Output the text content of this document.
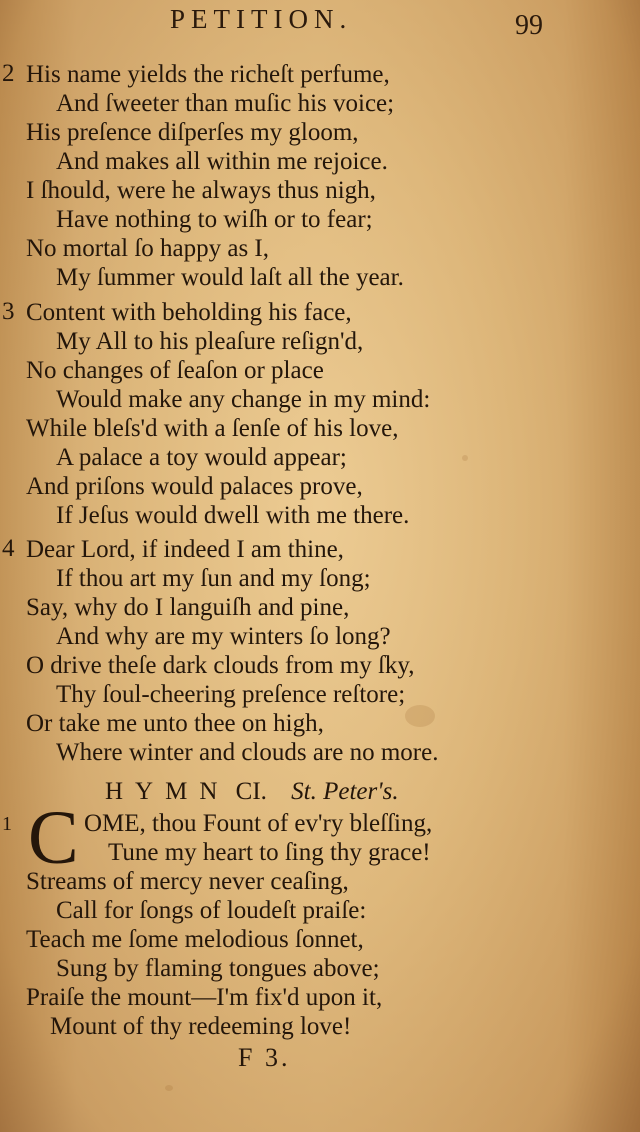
PETITION.	99
2 His name yields the richeſt perfume,
And ſweeter than muſic his voice;
His preſence diſperſes my gloom,
And makes all within me rejoice.
I ſhould, were he always thus nigh,
Have nothing to wiſh or to fear;
No mortal ſo happy as I,
My ſummer would laſt all the year.
3 Content with beholding his face,
My All to his pleaſure reſign'd,
No changes of ſeaſon or place
Would make any change in my mind:
While bleſs'd with a ſenſe of his love,
A palace a toy would appear;
And priſons would palaces prove,
If Jeſus would dwell with me there.
4 Dear Lord, if indeed I am thine,
If thou art my ſun and my ſong;
Say, why do I languiſh and pine,
And why are my winters ſo long?
O drive theſe dark clouds from my ſky,
Thy ſoul-cheering preſence reſtore;
Or take me unto thee on high,
Where winter and clouds are no more.
HYMN CI. St. Peter's.
1 C OME, thou Fount of ev'ry bleſſing,
Tune my heart to ſing thy grace!
Streams of mercy never ceaſing,
Call for ſongs of loudeſt praiſe:
Teach me ſome melodious ſonnet,
Sung by flaming tongues above;
Praiſe the mount—I'm fix'd upon it,
Mount of thy redeeming love!
F 3.
